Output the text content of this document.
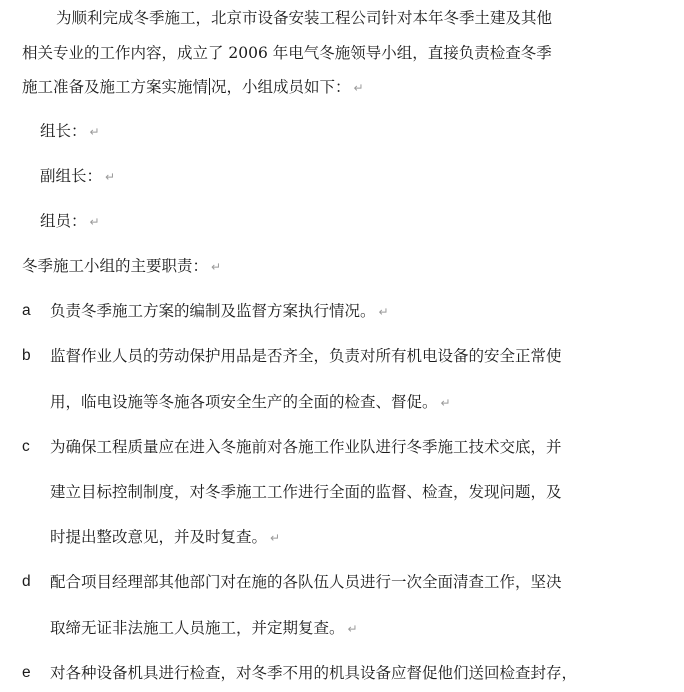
为顺利完成冬季施工，北京市设备安装工程公司针对本年冬季土建及其他
相关专业的工作内容，成立了 2006 年电气冬施领导小组，直接负责检查冬季
施工准备及施工方案实施情 况，小组成员如下： ↵
组长： ↵
副组长： ↵
组员： ↵
冬季施工小组的主要职责： ↵
a 负责冬季施工方案的编制及监督方案执行情况。 ↵
b 监督作业人员的劳动保护用品是否齐全，负责对所有机电设备的安全正常使
用，临电设施等冬施各项安全生产的全面的检查、督促。 ↵
c 为确保工程质量应在进入冬施前对各施工作业队进行冬季施工技术交底，并
建立目标控制制度，对冬季施工工作进行全面的监督、检查，发现问题，及
时提出整改意见，并及时复查。 ↵
d 配合项目经理部其他部门对在施的各队伍人员进行一次全面清查工作，坚决
取缔无证非法施工人员施工，并定期复查。 ↵
e 对各种设备机具进行检查，对冬季不用的机具设备应督促他们送回检查封存，
